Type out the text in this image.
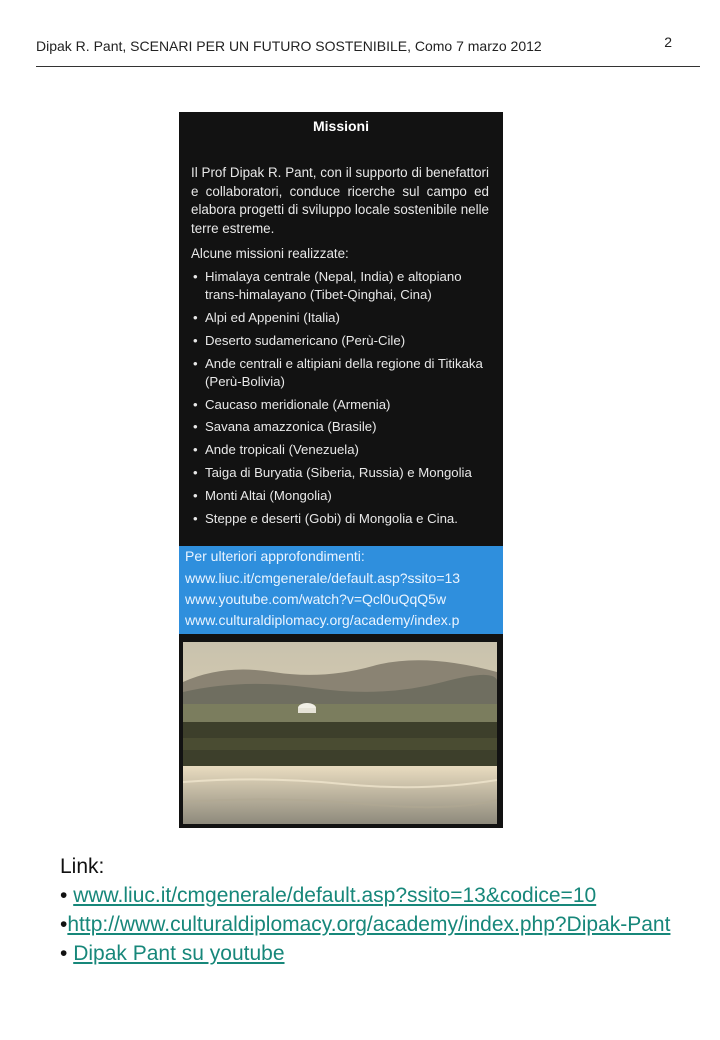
Dipak R. Pant, SCENARI PER UN FUTURO SOSTENIBILE, Como 7 marzo 2012	2
Missioni
Il Prof Dipak R. Pant, con il supporto di benefattori e collaboratori, conduce ricerche sul campo ed elabora progetti di sviluppo locale sostenibile nelle terre estreme.
Alcune missioni realizzate:
• Himalaya centrale (Nepal, India) e altopiano trans-himalayano (Tibet-Qinghai, Cina)
• Alpi ed Appenini (Italia)
• Deserto sudamericano (Perù-Cile)
• Ande centrali e altipiani della regione di Titikaka (Perù-Bolivia)
• Caucaso meridionale (Armenia)
• Savana amazzonica (Brasile)
• Ande tropicali (Venezuela)
• Taiga di Buryatia (Siberia, Russia) e Mongolia
• Monti Altai (Mongolia)
• Steppe e deserti (Gobi) di Mongolia e Cina.
Per ulteriori approfondimenti:
www.liuc.it/cmgenerale/default.asp?ssito=13
www.youtube.com/watch?v=Qcl0uQqQ5w
www.culturaldiplomacy.org/academy/index.p
Link:
• www.liuc.it/cmgenerale/default.asp?ssito=13&codice=10
•http://www.culturaldiplomacy.org/academy/index.php?Dipak-Pant
• Dipak Pant su youtube
